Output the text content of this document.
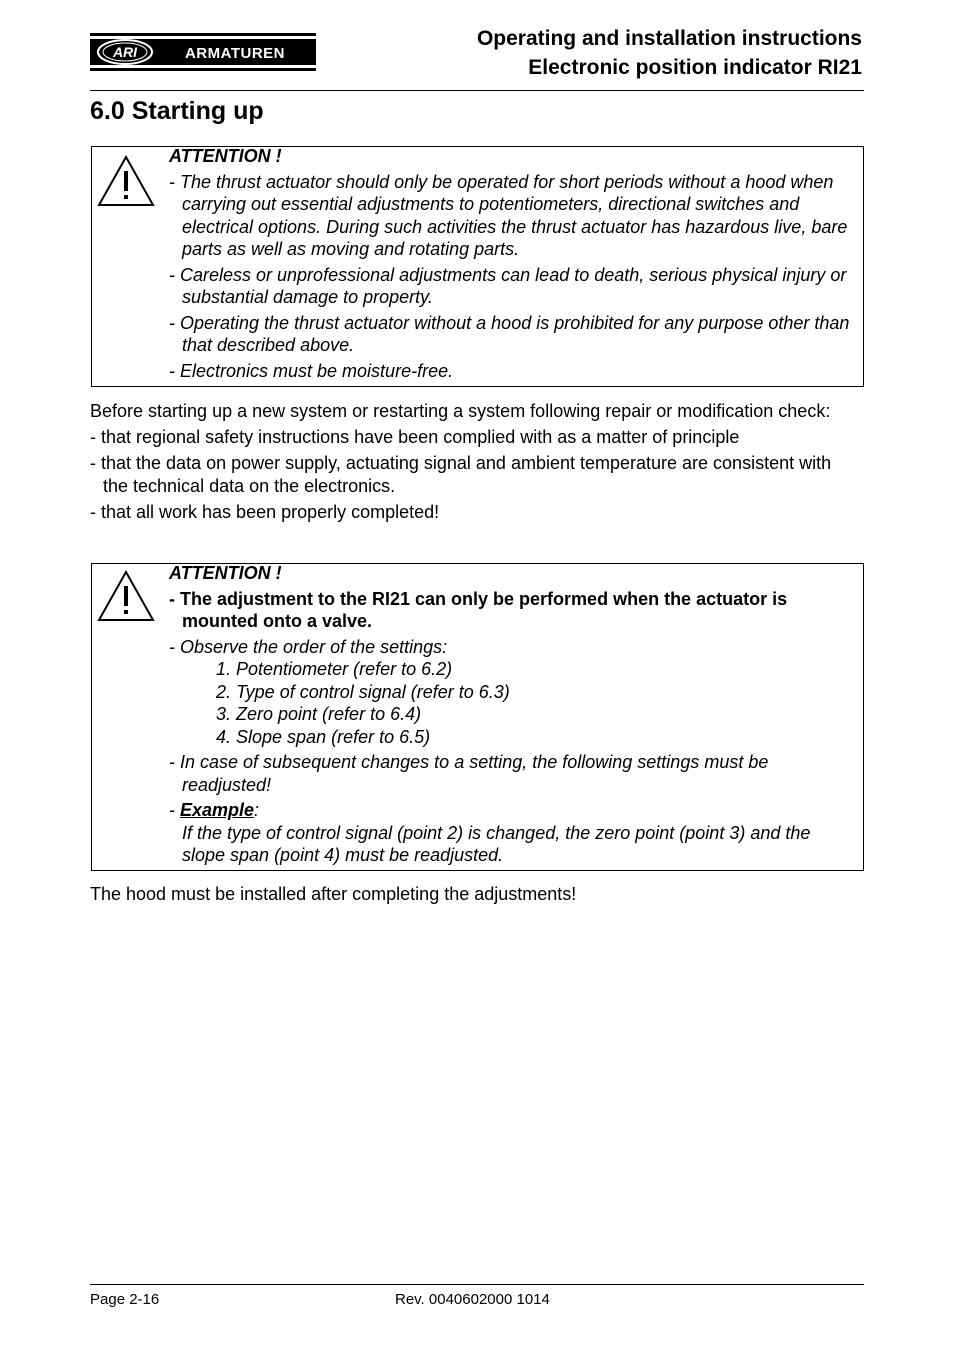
ARI	ARMATUREN
Operating and installation instructions
Electronic position indicator RI21
6.0 Starting up
ATTENTION !
- The thrust actuator should only be operated for short periods without a hood when carrying out essential adjustments to potentiometers, directional switches and electrical options. During such activities the thrust actuator has hazardous live, bare parts as well as moving and rotating parts.
- Careless or unprofessional adjustments can lead to death, serious physical injury or substantial damage to property.
- Operating the thrust actuator without a hood is prohibited for any purpose other than that described above.
- Electronics must be moisture-free.
Before starting up a new system or restarting a system following repair or modification check:
- that regional safety instructions have been complied with as a matter of principle
- that the data on power supply, actuating signal and ambient temperature are consistent with the technical data on the electronics.
- that all work has been properly completed!
ATTENTION !
- The adjustment to the RI21 can only be performed when the actuator is mounted onto a valve.
- Observe the order of the settings:
1. Potentiometer (refer to 6.2)
2. Type of control signal (refer to 6.3)
3. Zero point (refer to 6.4)
4. Slope span (refer to 6.5)
- In case of subsequent changes to a setting, the following settings must be readjusted!
- Example:
If the type of control signal (point 2) is changed, the zero point (point 3) and the slope span (point 4) must be readjusted.
The hood must be installed after completing the adjustments!
Page 2-16	Rev. 0040602000 1014
